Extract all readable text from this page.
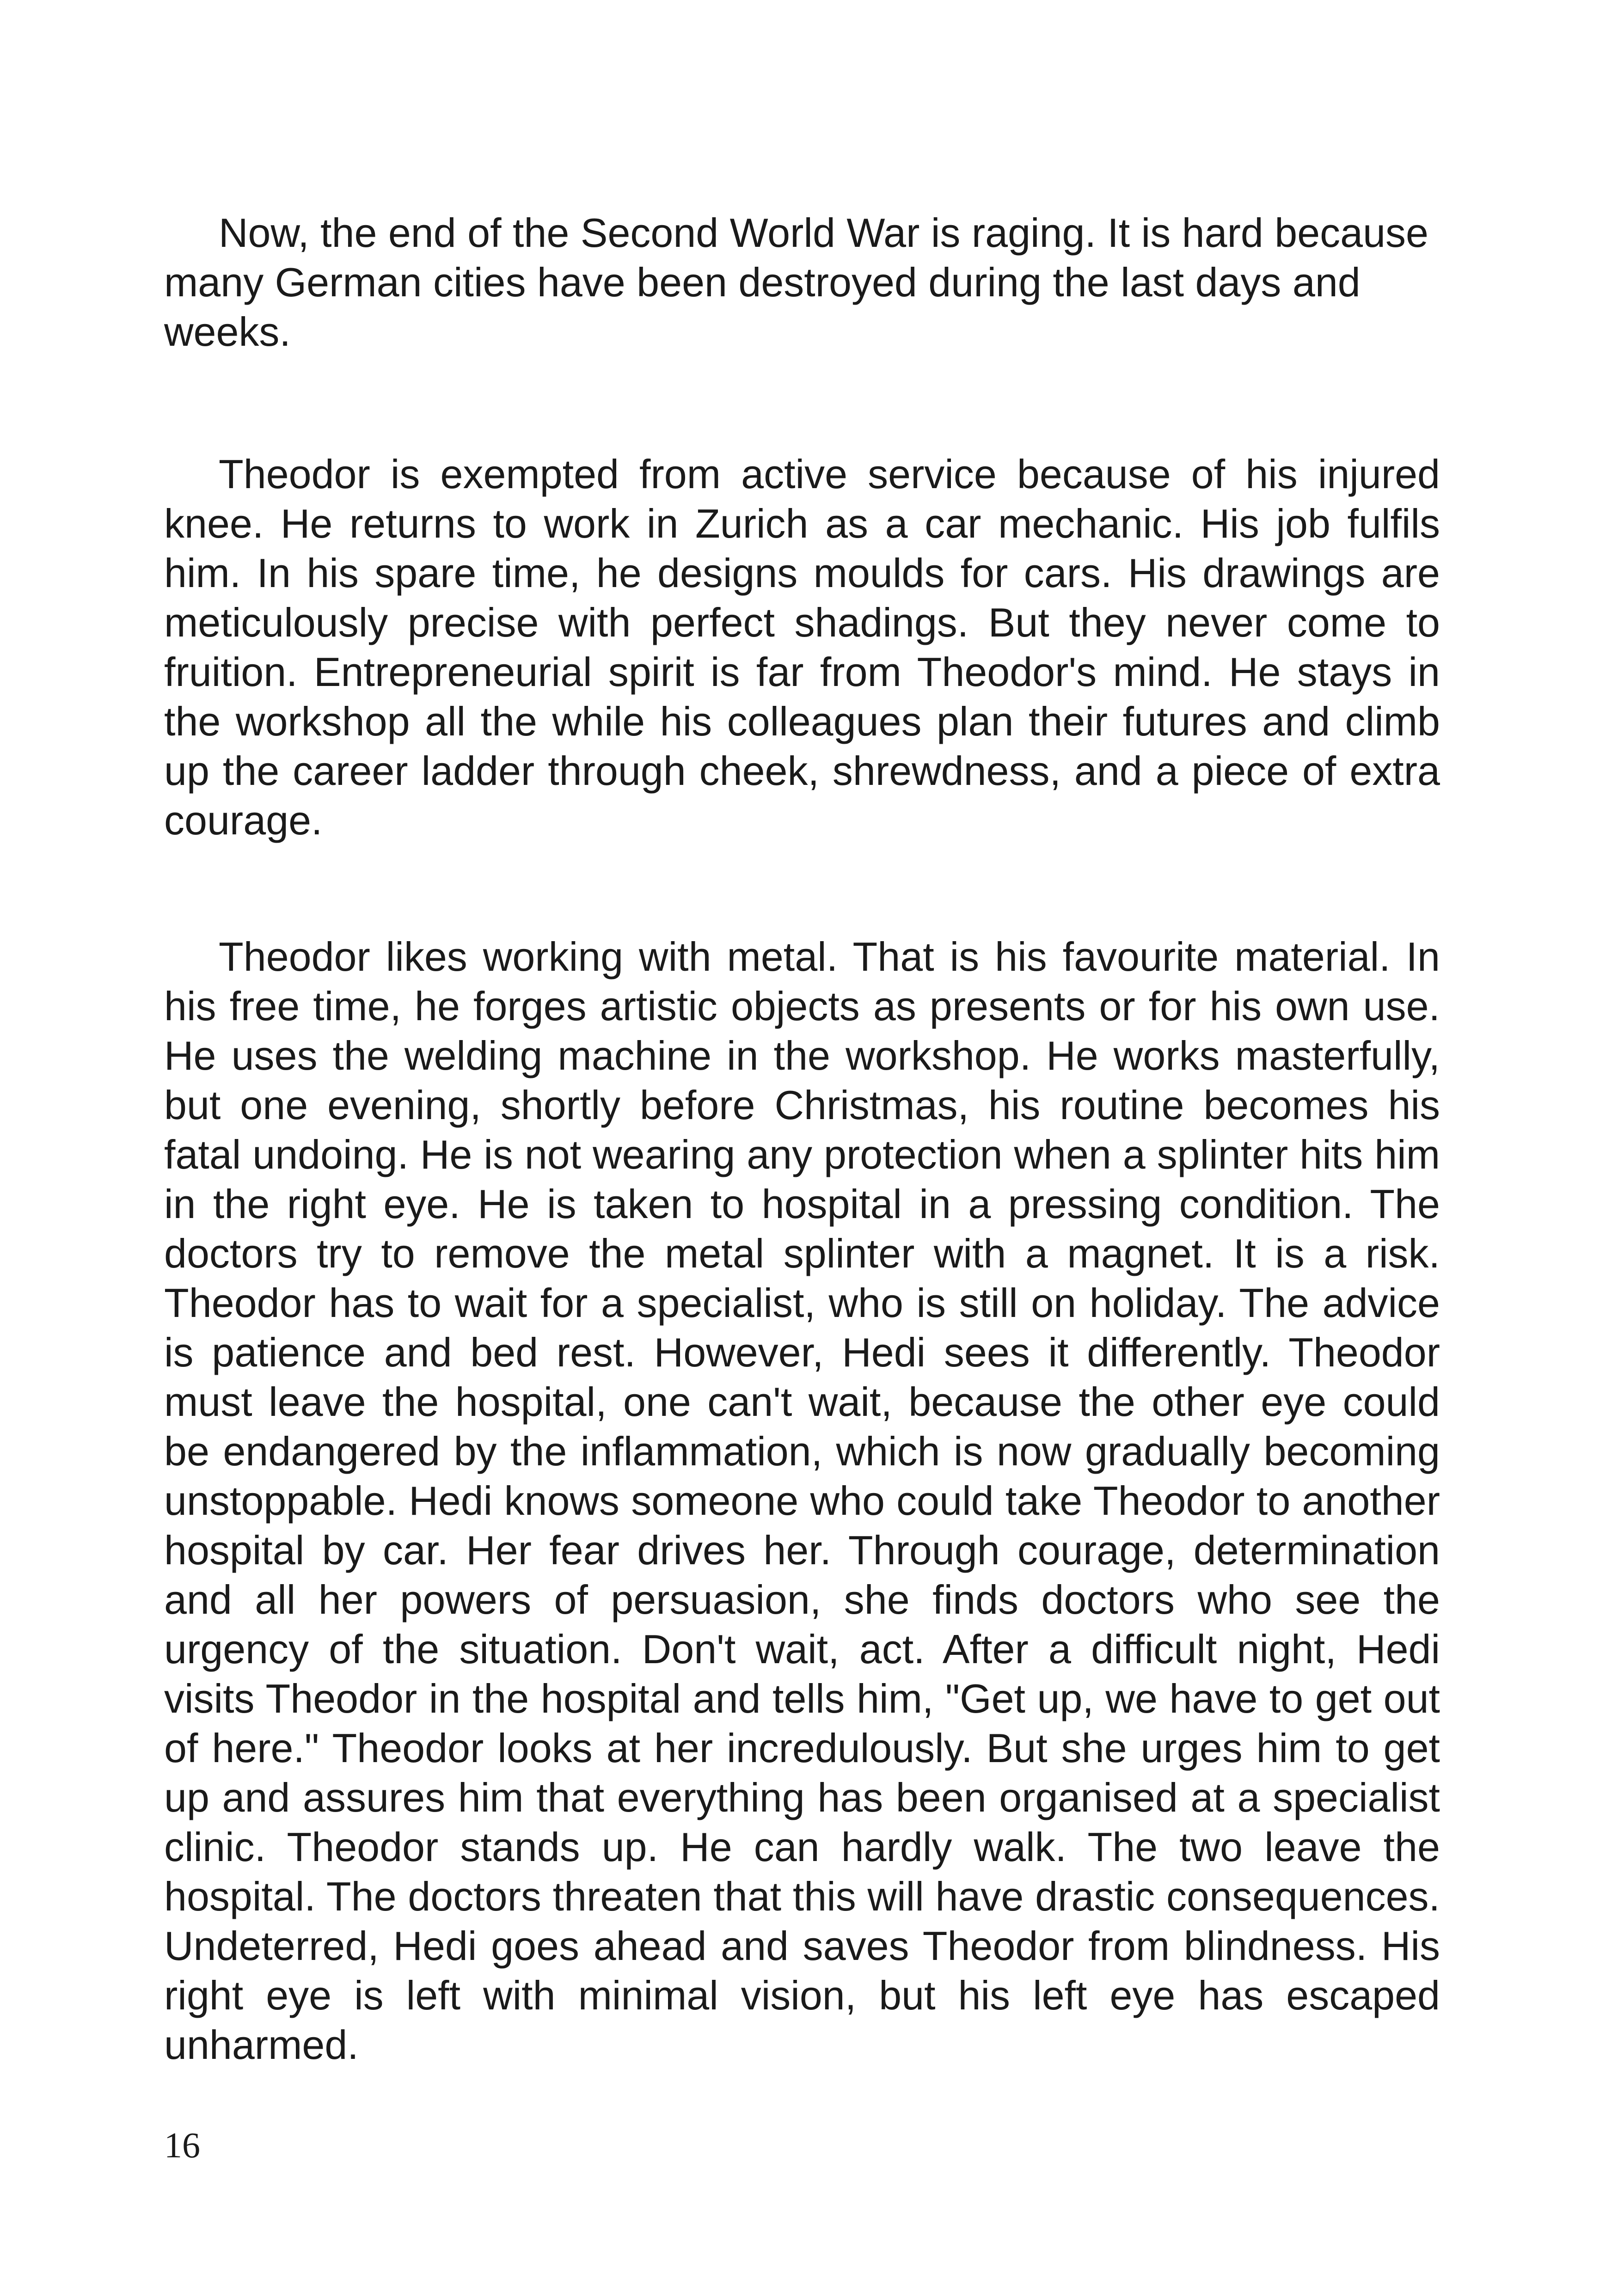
Now, the end of the Second World War is raging. It is hard because many German cities have been destroyed during the last days and weeks.

Theodor is exempted from active service because of his injured knee. He returns to work in Zurich as a car mechanic. His job fulfils him. In his spare time, he designs moulds for cars. His drawings are meticulously precise with perfect shadings. But they never come to fruition. Entrepreneurial spirit is far from Theodor's mind. He stays in the workshop all the while his colleagues plan their futures and climb up the career ladder through cheek, shrewdness, and a piece of extra courage.

Theodor likes working with metal. That is his favourite material. In his free time, he forges artistic objects as presents or for his own use. He uses the welding machine in the workshop. He works masterfully, but one evening, shortly before Christmas, his routine becomes his fatal undoing. He is not wearing any protection when a splinter hits him in the right eye. He is taken to hospital in a pressing condition. The doctors try to remove the metal splinter with a magnet. It is a risk. Theodor has to wait for a specialist, who is still on holiday. The advice is patience and bed rest. However, Hedi sees it differently. Theodor must leave the hospital, one can't wait, because the other eye could be endangered by the inflammation, which is now gradually becoming unstoppable. Hedi knows someone who could take Theodor to another hospital by car. Her fear drives her. Through courage, determination and all her powers of persuasion, she finds doctors who see the urgency of the situation. Don't wait, act. After a difficult night, Hedi visits Theodor in the hospital and tells him, "Get up, we have to get out of here." Theodor looks at her incredulously. But she urges him to get up and assures him that everything has been organised at a specialist clinic. Theodor stands up. He can hardly walk. The two leave the hospital. The doctors threaten that this will have drastic consequences. Undeterred, Hedi goes ahead and saves Theodor from blindness. His right eye is left with minimal vision, but his left eye has escaped unharmed.

16
